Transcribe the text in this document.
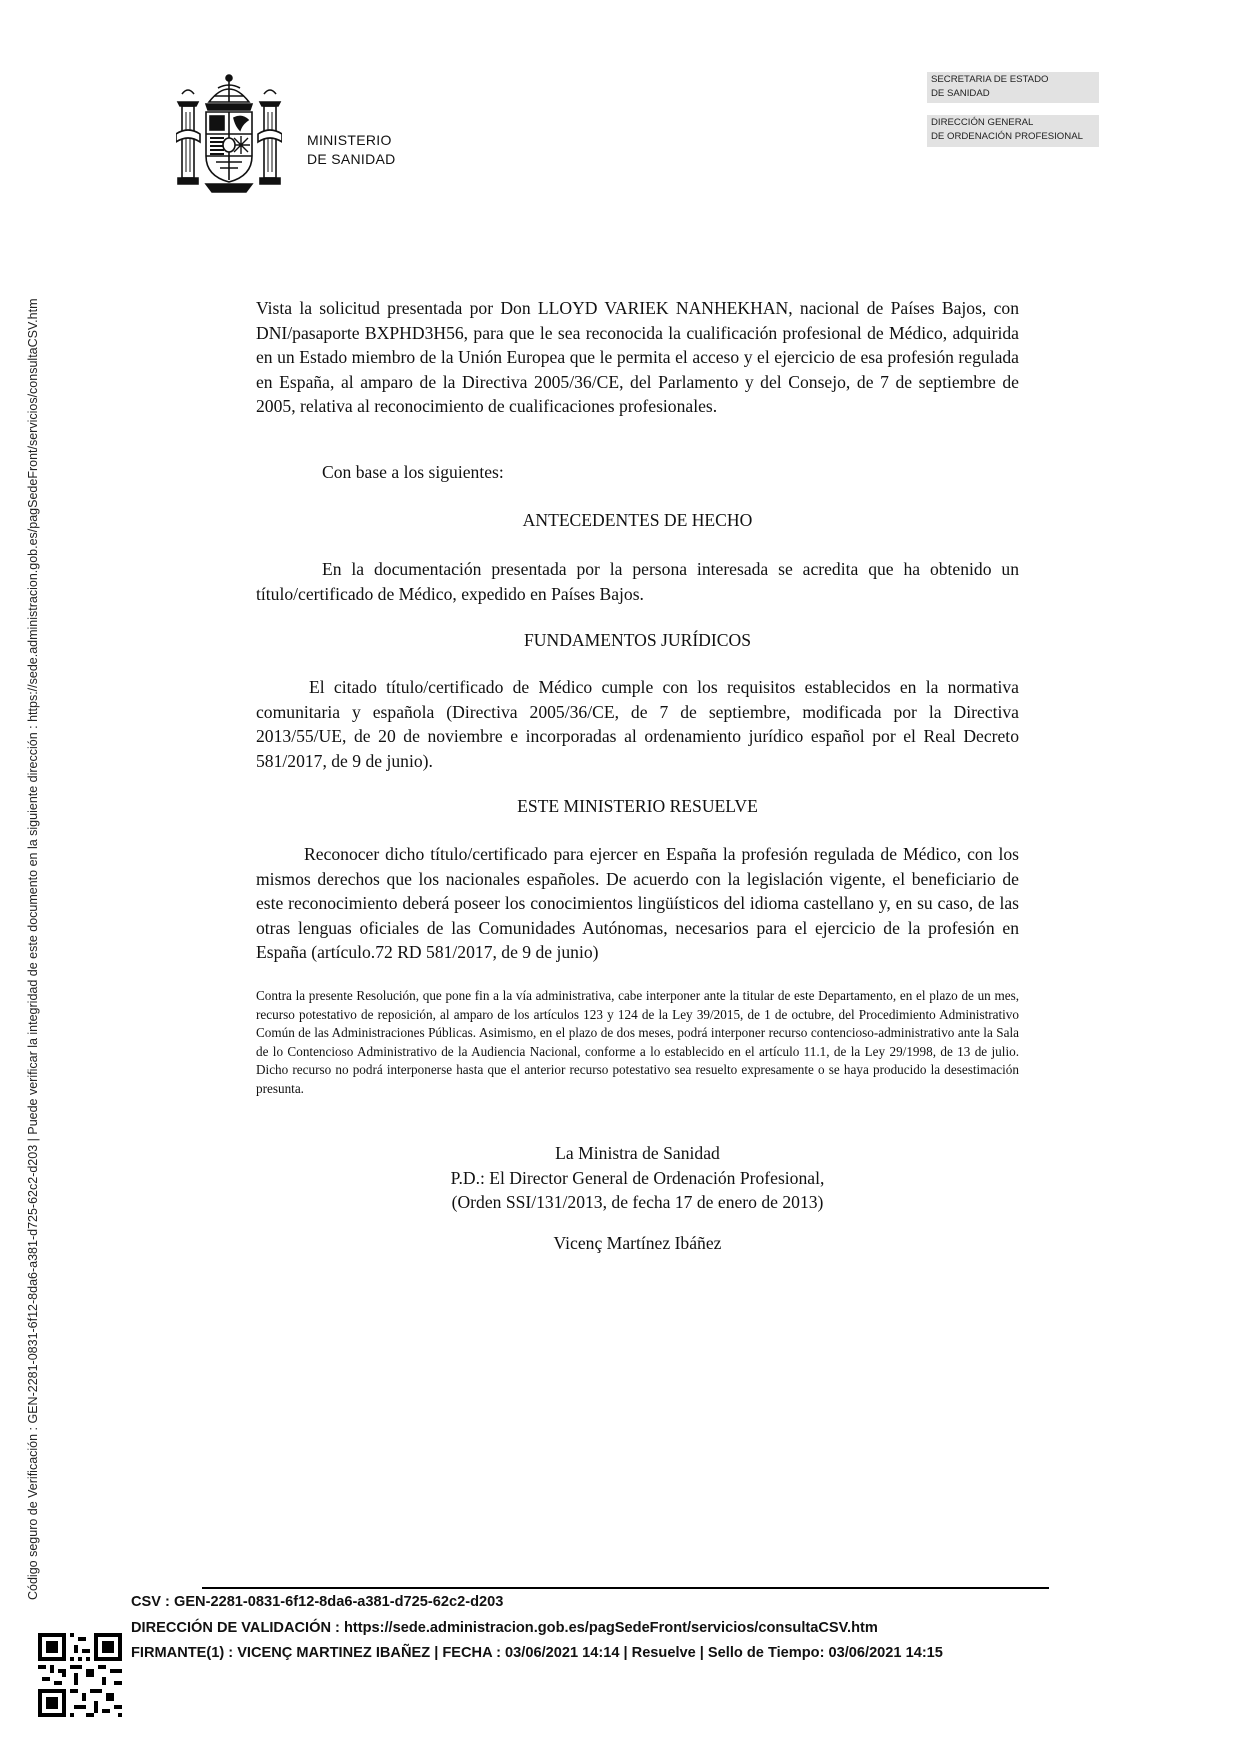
Código seguro de Verificación : GEN-2281-0831-6f12-8da6-a381-d725-62c2-d203 | Puede verificar la integridad de este documento en la siguiente dirección : https://sede.administracion.gob.es/pagSedeFront/servicios/consultaCSV.htm
MINISTERIO
DE SANIDAD
SECRETARIA DE ESTADO
DE SANIDAD
DIRECCIÓN GENERAL
DE ORDENACIÓN PROFESIONAL

Vista la solicitud presentada por Don LLOYD VARIEK NANHEKHAN, nacional de Países Bajos, con DNI/pasaporte BXPHD3H56, para que le sea reconocida la cualificación profesional de Médico, adquirida en un Estado miembro de la Unión Europea que le permita el acceso y el ejercicio de esa profesión regulada en España, al amparo de la Directiva 2005/36/CE, del Parlamento y del Consejo, de 7 de septiembre de 2005, relativa al reconocimiento de cualificaciones profesionales.

Con base a los siguientes:

ANTECEDENTES DE HECHO

En la documentación presentada por la persona interesada se acredita que ha obtenido un título/certificado de Médico, expedido en Países Bajos.

FUNDAMENTOS JURÍDICOS

El citado título/certificado de Médico cumple con los requisitos establecidos en la normativa comunitaria y española (Directiva 2005/36/CE, de 7 de septiembre, modificada por la Directiva 2013/55/UE, de 20 de noviembre e incorporadas al ordenamiento jurídico español por el Real Decreto 581/2017, de 9 de junio).

ESTE MINISTERIO RESUELVE

Reconocer dicho título/certificado para ejercer en España la profesión regulada de Médico, con los mismos derechos que los nacionales españoles. De acuerdo con la legislación vigente, el beneficiario de este reconocimiento deberá poseer los conocimientos lingüísticos del idioma castellano y, en su caso, de las otras lenguas oficiales de las Comunidades Autónomas, necesarios para el ejercicio de la profesión en España (artículo.72 RD 581/2017, de 9 de junio)

Contra la presente Resolución, que pone fin a la vía administrativa, cabe interponer ante la titular de este Departamento, en el plazo de un mes, recurso potestativo de reposición, al amparo de los artículos 123 y 124 de la Ley 39/2015, de 1 de octubre, del Procedimiento Administrativo Común de las Administraciones Públicas. Asimismo, en el plazo de dos meses, podrá interponer recurso contencioso-administrativo ante la Sala de lo Contencioso Administrativo de la Audiencia Nacional, conforme a lo establecido en el artículo 11.1, de la Ley 29/1998, de 13 de julio. Dicho recurso no podrá interponerse hasta que el anterior recurso potestativo sea resuelto expresamente o se haya producido la desestimación presunta.

La Ministra de Sanidad
P.D.: El Director General de Ordenación Profesional,
(Orden SSI/131/2013, de fecha 17 de enero de 2013)
Vicenç Martínez Ibáñez
CSV : GEN-2281-0831-6f12-8da6-a381-d725-62c2-d203
DIRECCIÓN DE VALIDACIÓN : https://sede.administracion.gob.es/pagSedeFront/servicios/consultaCSV.htm
FIRMANTE(1) : VICENÇ MARTINEZ IBAÑEZ | FECHA : 03/06/2021 14:14 | Resuelve | Sello de Tiempo: 03/06/2021 14:15
